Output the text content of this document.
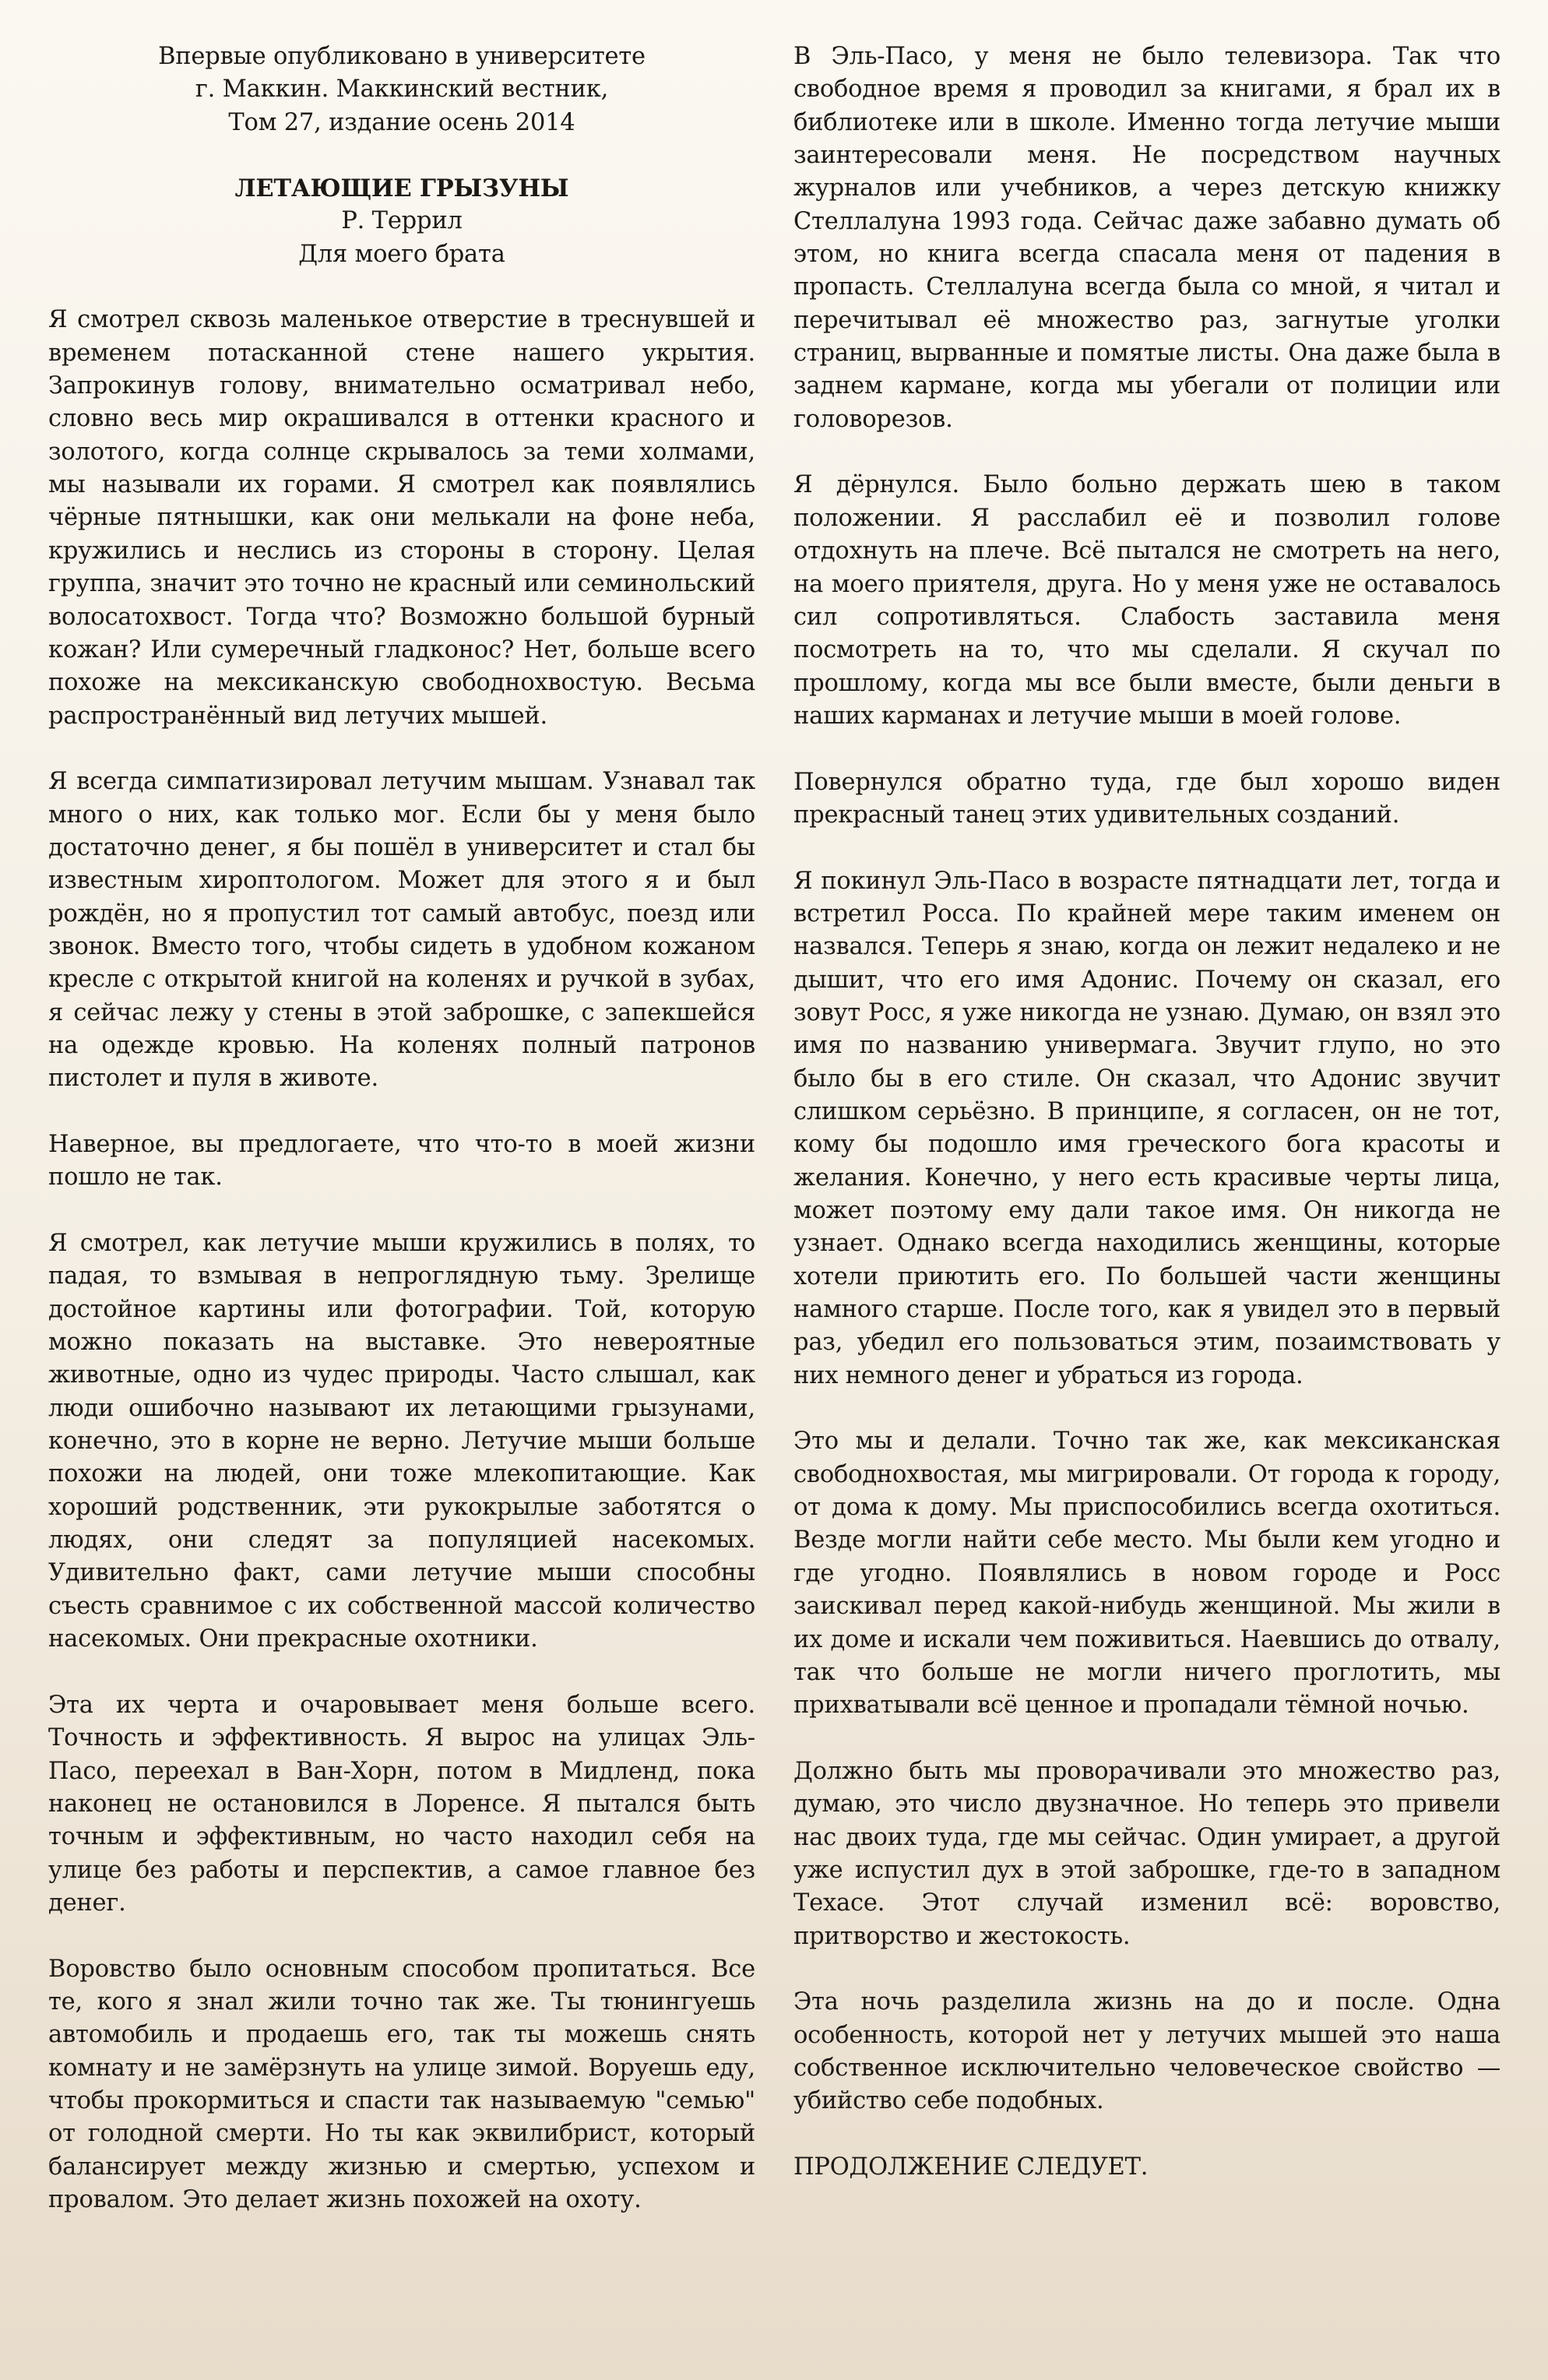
Впервые опубликовано в университете

г. Маккин. Маккинский вестник,

Том 27, издание осень 2014

ЛЕТАЮЩИЕ ГРЫЗУНЫ

Р. Террил

Для моего брата

Я смотрел сквозь маленькое отверстие в треснувшей и временем потасканной стене нашего укрытия. Запрокинув голову, внимательно осматривал небо, словно весь мир окрашивался в оттенки красного и золотого, когда солнце скрывалось за теми холмами, мы называли их горами. Я смотрел как появлялись чёрные пятнышки, как они мелькали на фоне неба, кружились и неслись из стороны в сторону. Целая группа, значит это точно не красный или семинольский волосатохвост. Тогда что? Возможно большой бурный кожан? Или сумеречный гладконос? Нет, больше всего похоже на мексиканскую свободнохвостую. Весьма распространённый вид летучих мышей.

Я всегда симпатизировал летучим мышам. Узнавал так много о них, как только мог. Если бы у меня было достаточно денег, я бы пошёл в университет и стал бы известным хироптологом. Может для этого я и был рождён, но я пропустил тот самый автобус, поезд или звонок. Вместо того, чтобы сидеть в удобном кожаном кресле с открытой книгой на коленях и ручкой в зубах, я сейчас лежу у стены в этой заброшке, с запекшейся на одежде кровью. На коленях полный патронов пистолет и пуля в животе.

Наверное, вы предлогаете, что что-то в моей жизни пошло не так.

Я смотрел, как летучие мыши кружились в полях, то падая, то взмывая в непроглядную тьму. Зрелище достойное картины или фотографии. Той, которую можно показать на выставке. Это невероятные животные, одно из чудес природы. Часто слышал, как люди ошибочно называют их летающими грызунами, конечно, это в корне не верно. Летучие мыши больше похожи на людей, они тоже млекопитающие. Как хороший родственник, эти рукокрылые заботятся о людях, они следят за популяцией насекомых. Удивительно факт, сами летучие мыши способны съесть сравнимое с их собственной массой количество насекомых. Они прекрасные охотники.

Эта их черта и очаровывает меня больше всего. Точность и эффективность. Я вырос на улицах Эль-Пасо, переехал в Ван-Хорн, потом в Мидленд, пока наконец не остановился в Лоренсе. Я пытался быть точным и эффективным, но часто находил себя на улице без работы и перспектив, а самое главное без денег.

Воровство было основным способом пропитаться. Все те, кого я знал жили точно так же. Ты тюнингуешь автомобиль и продаешь его, так ты можешь снять комнату и не замёрзнуть на улице зимой. Воруешь еду, чтобы прокормиться и спасти так называемую "семью" от голодной смерти. Но ты как эквилибрист, который балансирует между жизнью и смертью, успехом и провалом. Это делает жизнь похожей на охоту.

В Эль-Пасо, у меня не было телевизора. Так что свободное время я проводил за книгами, я брал их в библиотеке или в школе. Именно тогда летучие мыши заинтересовали меня. Не посредством научных журналов или учебников, а через детскую книжку Стеллалуна 1993 года. Сейчас даже забавно думать об этом, но книга всегда спасала меня от падения в пропасть. Стеллалуна всегда была со мной, я читал и перечитывал её множество раз, загнутые уголки страниц, вырванные и помятые листы. Она даже была в заднем кармане, когда мы убегали от полиции или головорезов.

Я дёрнулся. Было больно держать шею в таком положении. Я расслабил её и позволил голове отдохнуть на плече. Всё пытался не смотреть на него, на моего приятеля, друга. Но у меня уже не оставалось сил сопротивляться. Слабость заставила меня посмотреть на то, что мы сделали. Я скучал по прошлому, когда мы все были вместе, были деньги в наших карманах и летучие мыши в моей голове.

Повернулся обратно туда, где был хорошо виден прекрасный танец этих удивительных созданий.

Я покинул Эль-Пасо в возрасте пятнадцати лет, тогда и встретил Росса. По крайней мере таким именем он назвался. Теперь я знаю, когда он лежит недалеко и не дышит, что его имя Адонис. Почему он сказал, его зовут Росс, я уже никогда не узнаю. Думаю, он взял это имя по названию универмага. Звучит глупо, но это было бы в его стиле. Он сказал, что Адонис звучит слишком серьёзно. В принципе, я согласен, он не тот, кому бы подошло имя греческого бога красоты и желания. Конечно, у него есть красивые черты лица, может поэтому ему дали такое имя. Он никогда не узнает. Однако всегда находились женщины, которые хотели приютить его. По большей части женщины намного старше. После того, как я увидел это в первый раз, убедил его пользоваться этим, позаимствовать у них немного денег и убраться из города.

Это мы и делали. Точно так же, как мексиканская свободнохвостая, мы мигрировали. От города к городу, от дома к дому. Мы приспособились всегда охотиться. Везде могли найти себе место. Мы были кем угодно и где угодно. Появлялись в новом городе и Росс заискивал перед какой-нибудь женщиной. Мы жили в их доме и искали чем поживиться. Наевшись до отвалу, так что больше не могли ничего проглотить, мы прихватывали всё ценное и пропадали тёмной ночью.

Должно быть мы проворачивали это множество раз, думаю, это число двузначное. Но теперь это привели нас двоих туда, где мы сейчас. Один умирает, а другой уже испустил дух в этой заброшке, где-то в западном Техасе. Этот случай изменил всё: воровство, притворство и жестокость.

Эта ночь разделила жизнь на до и после. Одна особенность, которой нет у летучих мышей это наша собственное исключительно человеческое свойство — убийство себе подобных.

ПРОДОЛЖЕНИЕ СЛЕДУЕТ.
